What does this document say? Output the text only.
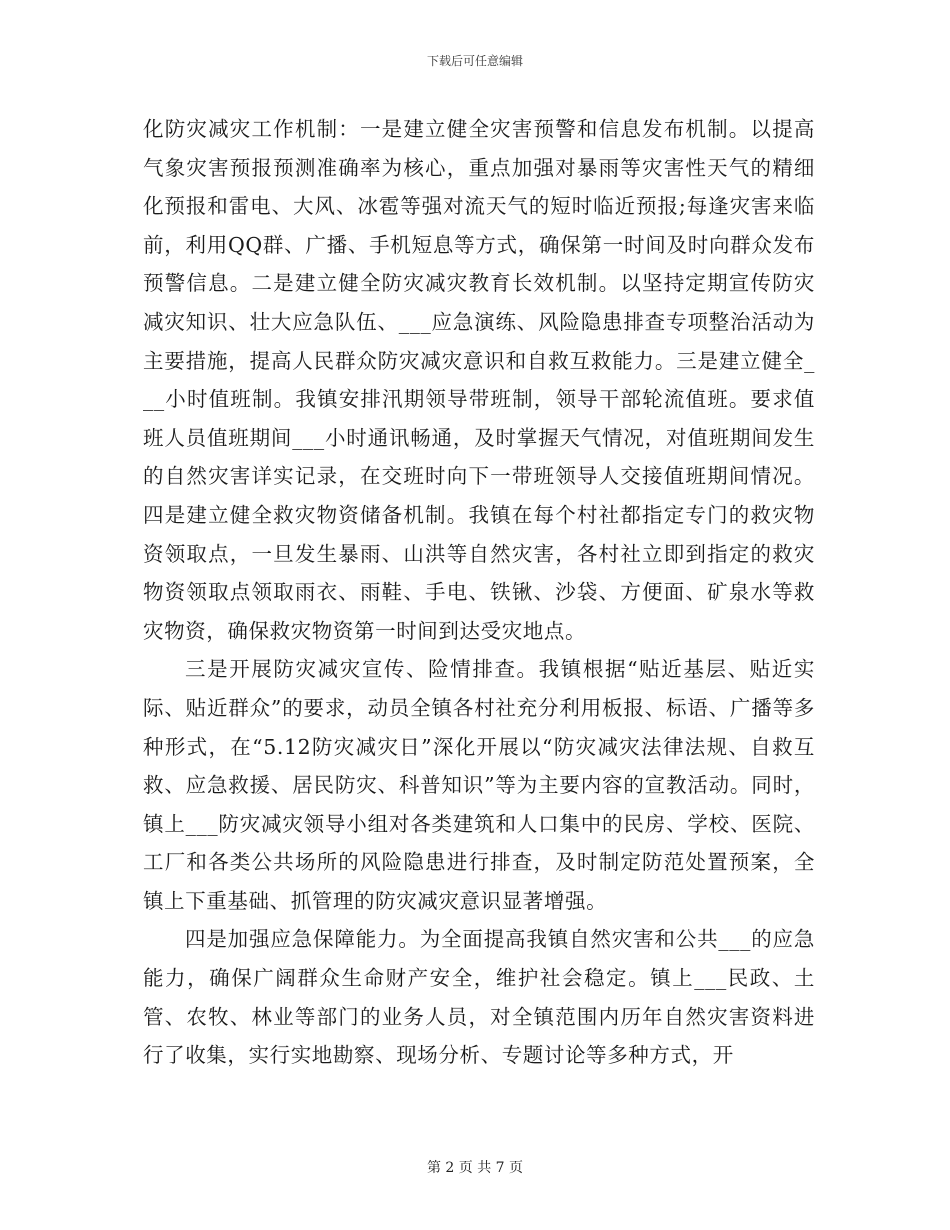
下载后可任意编辑

化防灾减灾工作机制：一是建立健全灾害预警和信息发布机制。以提高气象灾害预报预测准确率为核心，重点加强对暴雨等灾害性天气的精细化预报和雷电、大风、冰雹等强对流天气的短时临近预报;每逢灾害来临前，利用QQ群、广播、手机短息等方式，确保第一时间及时向群众发布预警信息。二是建立健全防灾减灾教育长效机制。以坚持定期宣传防灾减灾知识、壮大应急队伍、___应急演练、风险隐患排查专项整治活动为主要措施，提高人民群众防灾减灾意识和自救互救能力。三是建立健全___小时值班制。我镇安排汛期领导带班制，领导干部轮流值班。要求值班人员值班期间___小时通讯畅通，及时掌握天气情况，对值班期间发生的自然灾害详实记录，在交班时向下一带班领导人交接值班期间情况。四是建立健全救灾物资储备机制。我镇在每个村社都指定专门的救灾物资领取点，一旦发生暴雨、山洪等自然灾害，各村社立即到指定的救灾物资领取点领取雨衣、雨鞋、手电、铁锹、沙袋、方便面、矿泉水等救灾物资，确保救灾物资第一时间到达受灾地点。

三是开展防灾减灾宣传、险情排查。我镇根据“贴近基层、贴近实际、贴近群众”的要求，动员全镇各村社充分利用板报、标语、广播等多种形式，在“5.12防灾减灾日”深化开展以“防灾减灾法律法规、自救互救、应急救援、居民防灾、科普知识”等为主要内容的宣教活动。同时，镇上___防灾减灾领导小组对各类建筑和人口集中的民房、学校、医院、工厂和各类公共场所的风险隐患进行排查，及时制定防范处置预案，全镇上下重基础、抓管理的防灾减灾意识显著增强。

四是加强应急保障能力。为全面提高我镇自然灾害和公共___的应急能力，确保广阔群众生命财产安全，维护社会稳定。镇上___民政、土管、农牧、林业等部门的业务人员，对全镇范围内历年自然灾害资料进行了收集，实行实地勘察、现场分析、专题讨论等多种方式，开

第 2 页 共 7 页
